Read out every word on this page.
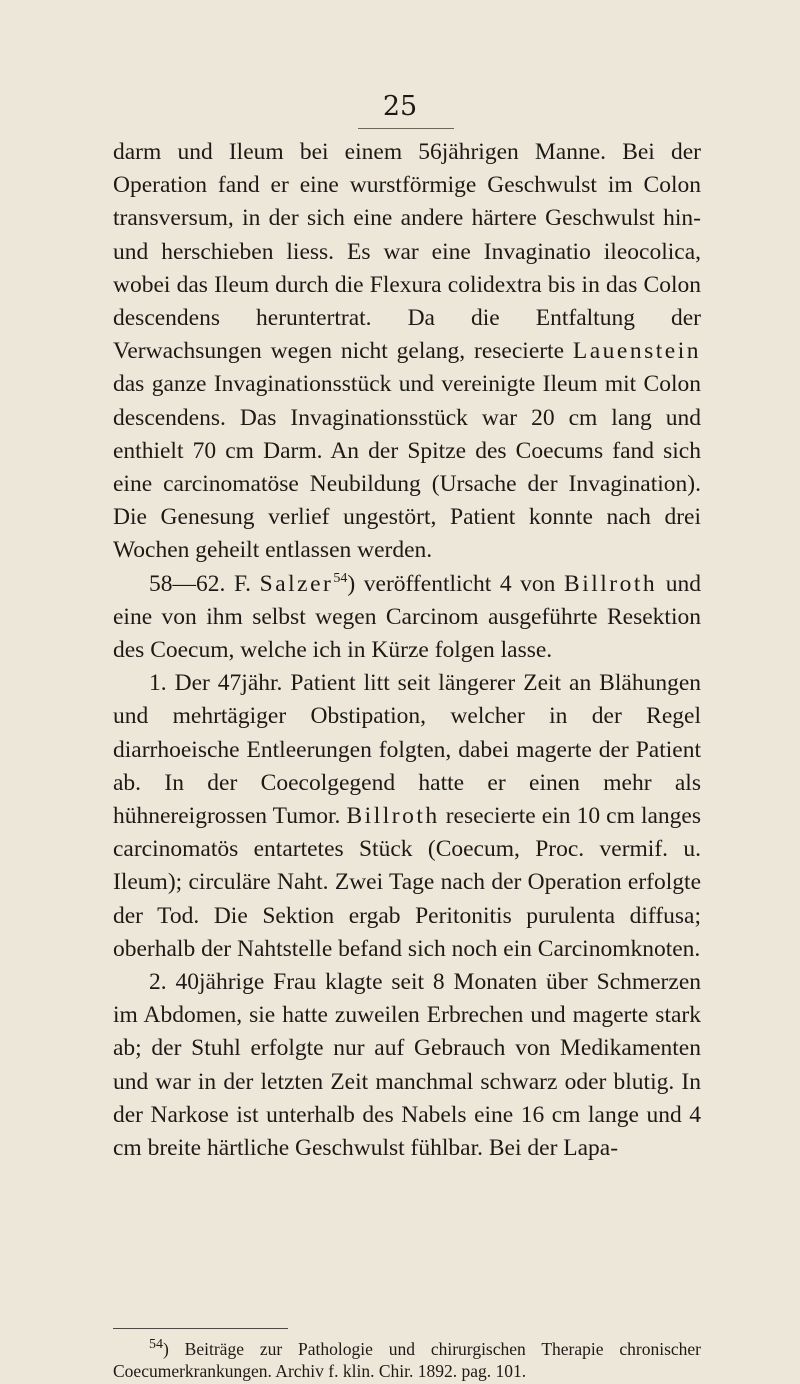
25

darm und Ileum bei einem 56jährigen Manne. Bei der Operation fand er eine wurstförmige Geschwulst im Colon transversum, in der sich eine andere härtere Geschwulst hin- und herschieben liess. Es war eine Invaginatio ileocolica, wobei das Ileum durch die Flexura colidextra bis in das Colon descendens heruntertrat. Da die Entfaltung der Verwachsungen wegen nicht gelang, resecierte Lauenstein das ganze Invaginationsstück und vereinigte Ileum mit Colon descendens. Das Invaginationsstück war 20 cm lang und enthielt 70 cm Darm. An der Spitze des Coecums fand sich eine carcinomatöse Neubildung (Ursache der Invagination). Die Genesung verlief ungestört, Patient konnte nach drei Wochen geheilt entlassen werden.

58—62. F. Salzer$^{54}$) veröffentlicht 4 von Billroth und eine von ihm selbst wegen Carcinom ausgeführte Resektion des Coecum, welche ich in Kürze folgen lasse.

1. Der 47jähr. Patient litt seit längerer Zeit an Blähungen und mehrtägiger Obstipation, welcher in der Regel diarrhoeische Entleerungen folgten, dabei magerte der Patient ab. In der Coecolgegend hatte er einen mehr als hühnereigrossen Tumor. Billroth resecierte ein 10 cm langes carcinomatös entartetes Stück (Coecum, Proc. vermif. u. Ileum); circuläre Naht. Zwei Tage nach der Operation erfolgte der Tod. Die Sektion ergab Peritonitis purulenta diffusa; oberhalb der Nahtstelle befand sich noch ein Carcinomknoten.

2. 40jährige Frau klagte seit 8 Monaten über Schmerzen im Abdomen, sie hatte zuweilen Erbrechen und magerte stark ab; der Stuhl erfolgte nur auf Gebrauch von Medikamenten und war in der letzten Zeit manchmal schwarz oder blutig. In der Narkose ist unterhalb des Nabels eine 16 cm lange und 4 cm breite härtliche Geschwulst fühlbar. Bei der Lapa-

$^{54}$) Beiträge zur Pathologie und chirurgischen Therapie chronischer Coecumerkrankungen. Archiv f. klin. Chir. 1892. pag. 101.
